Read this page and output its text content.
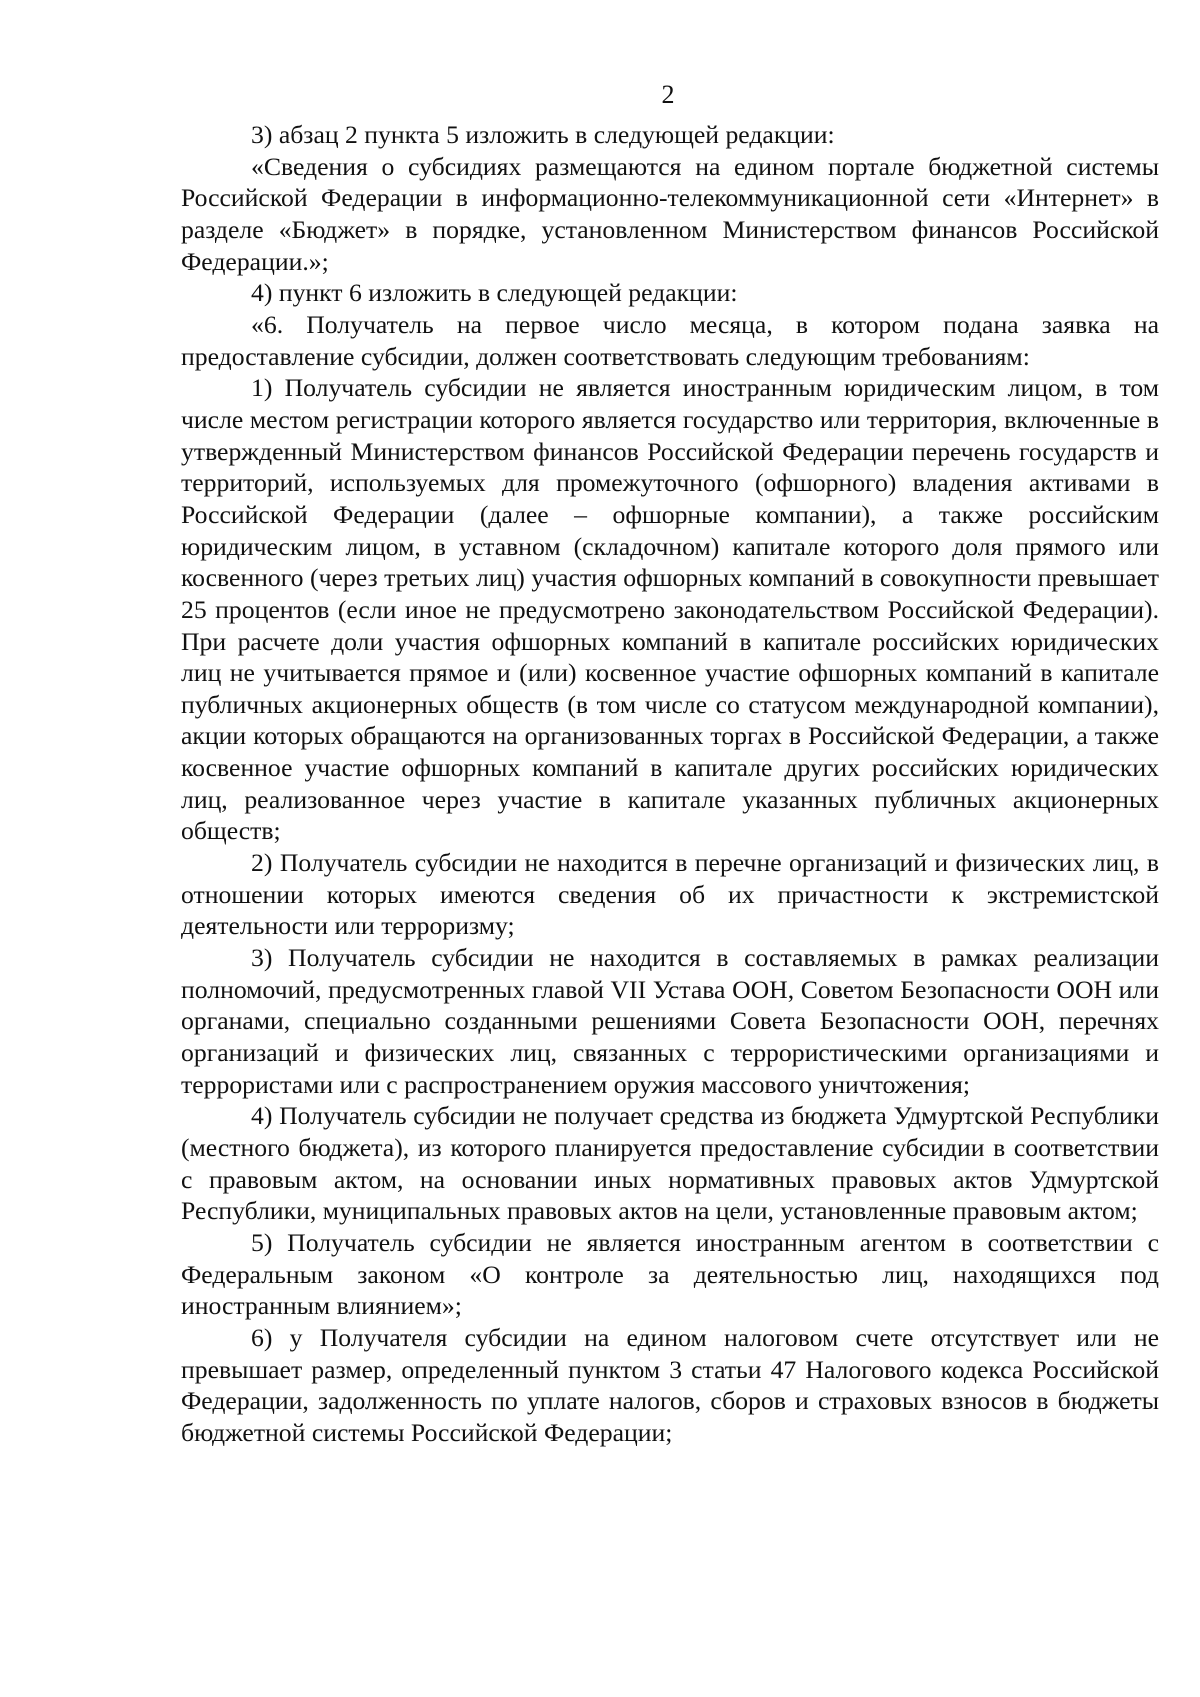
2

3) абзац 2 пункта 5 изложить в следующей редакции:

«Сведения о субсидиях размещаются на едином портале бюджетной системы Российской Федерации в информационно-телекоммуникационной сети «Интернет» в разделе «Бюджет» в порядке, установленном Министерством финансов Российской Федерации.»;

4) пункт 6 изложить в следующей редакции:

«6. Получатель на первое число месяца, в котором подана заявка на предоставление субсидии, должен соответствовать следующим требованиям:

1) Получатель субсидии не является иностранным юридическим лицом, в том числе местом регистрации которого является государство или территория, включенные в утвержденный Министерством финансов Российской Федерации перечень государств и территорий, используемых для промежуточного (офшорного) владения активами в Российской Федерации (далее – офшорные компании), а также российским юридическим лицом, в уставном (складочном) капитале которого доля прямого или косвенного (через третьих лиц) участия офшорных компаний в совокупности превышает 25 процентов (если иное не предусмотрено законодательством Российской Федерации). При расчете доли участия офшорных компаний в капитале российских юридических лиц не учитывается прямое и (или) косвенное участие офшорных компаний в капитале публичных акционерных обществ (в том числе со статусом международной компании), акции которых обращаются на организованных торгах в Российской Федерации, а также косвенное участие офшорных компаний в капитале других российских юридических лиц, реализованное через участие в капитале указанных публичных акционерных обществ;

2) Получатель субсидии не находится в перечне организаций и физических лиц, в отношении которых имеются сведения об их причастности к экстремистской деятельности или терроризму;

3) Получатель субсидии не находится в составляемых в рамках реализации полномочий, предусмотренных главой VII Устава ООН, Советом Безопасности ООН или органами, специально созданными решениями Совета Безопасности ООН, перечнях организаций и физических лиц, связанных с террористическими организациями и террористами или с распространением оружия массового уничтожения;

4) Получатель субсидии не получает средства из бюджета Удмуртской Республики (местного бюджета), из которого планируется предоставление субсидии в соответствии с правовым актом, на основании иных нормативных правовых актов Удмуртской Республики, муниципальных правовых актов на цели, установленные правовым актом;

5) Получатель субсидии не является иностранным агентом в соответствии с Федеральным законом «О контроле за деятельностью лиц, находящихся под иностранным влиянием»;

6) у Получателя субсидии на едином налоговом счете отсутствует или не превышает размер, определенный пунктом 3 статьи 47 Налогового кодекса Российской Федерации, задолженность по уплате налогов, сборов и страховых взносов в бюджеты бюджетной системы Российской Федерации;
